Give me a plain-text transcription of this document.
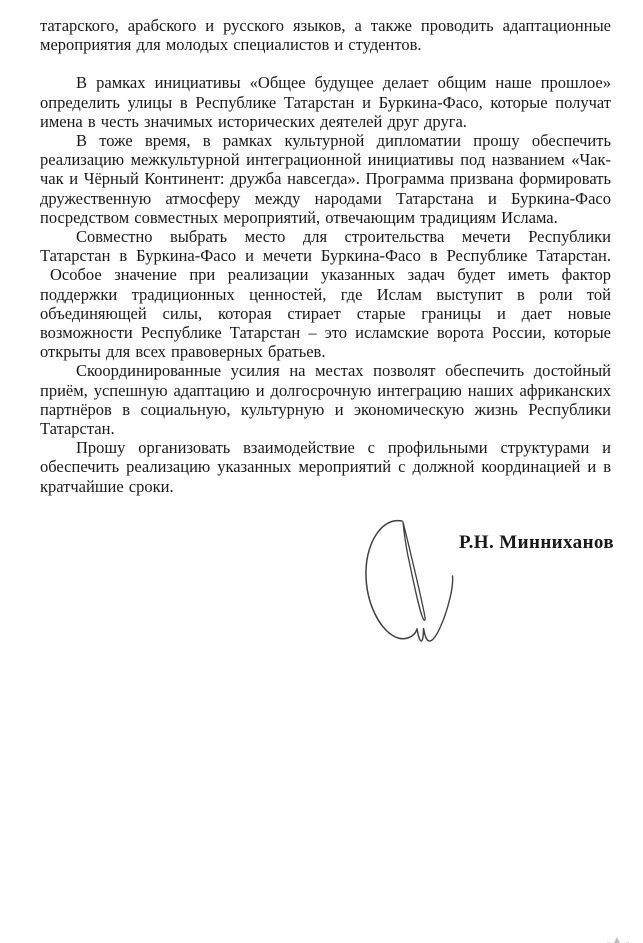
татарского, арабского и русского языков, а также проводить адаптационные мероприятия для молодых специалистов и студентов.

В рамках инициативы «Общее будущее делает общим наше прошлое» определить улицы в Республике Татарстан и Буркина-Фасо, которые получат имена в честь значимых исторических деятелей друг друга.

В тоже время, в рамках культурной дипломатии прошу обеспечить реализацию межкультурной интеграционной инициативы под названием «Чак-чак и Чёрный Континент: дружба навсегда». Программа призвана формировать дружественную атмосферу между народами Татарстана и Буркина-Фасо посредством совместных мероприятий, отвечающим традициям Ислама.

Совместно выбрать место для строительства мечети Республики Татарстан в Буркина-Фасо и мечети Буркина-Фасо в Республике Татарстан.

Особое значение при реализации указанных задач будет иметь фактор поддержки традиционных ценностей, где Ислам выступит в роли той объединяющей силы, которая стирает старые границы и дает новые возможности Республике Татарстан – это исламские ворота России, которые открыты для всех правоверных братьев.

Скоординированные усилия на местах позволят обеспечить достойный приём, успешную адаптацию и долгосрочную интеграцию наших африканских партнёров в социальную, культурную и экономическую жизнь Республики Татарстан.

Прошу организовать взаимодействие с профильными структурами и обеспечить реализацию указанных мероприятий с должной координацией и в кратчайшие сроки.

Р.Н. Минниханов
